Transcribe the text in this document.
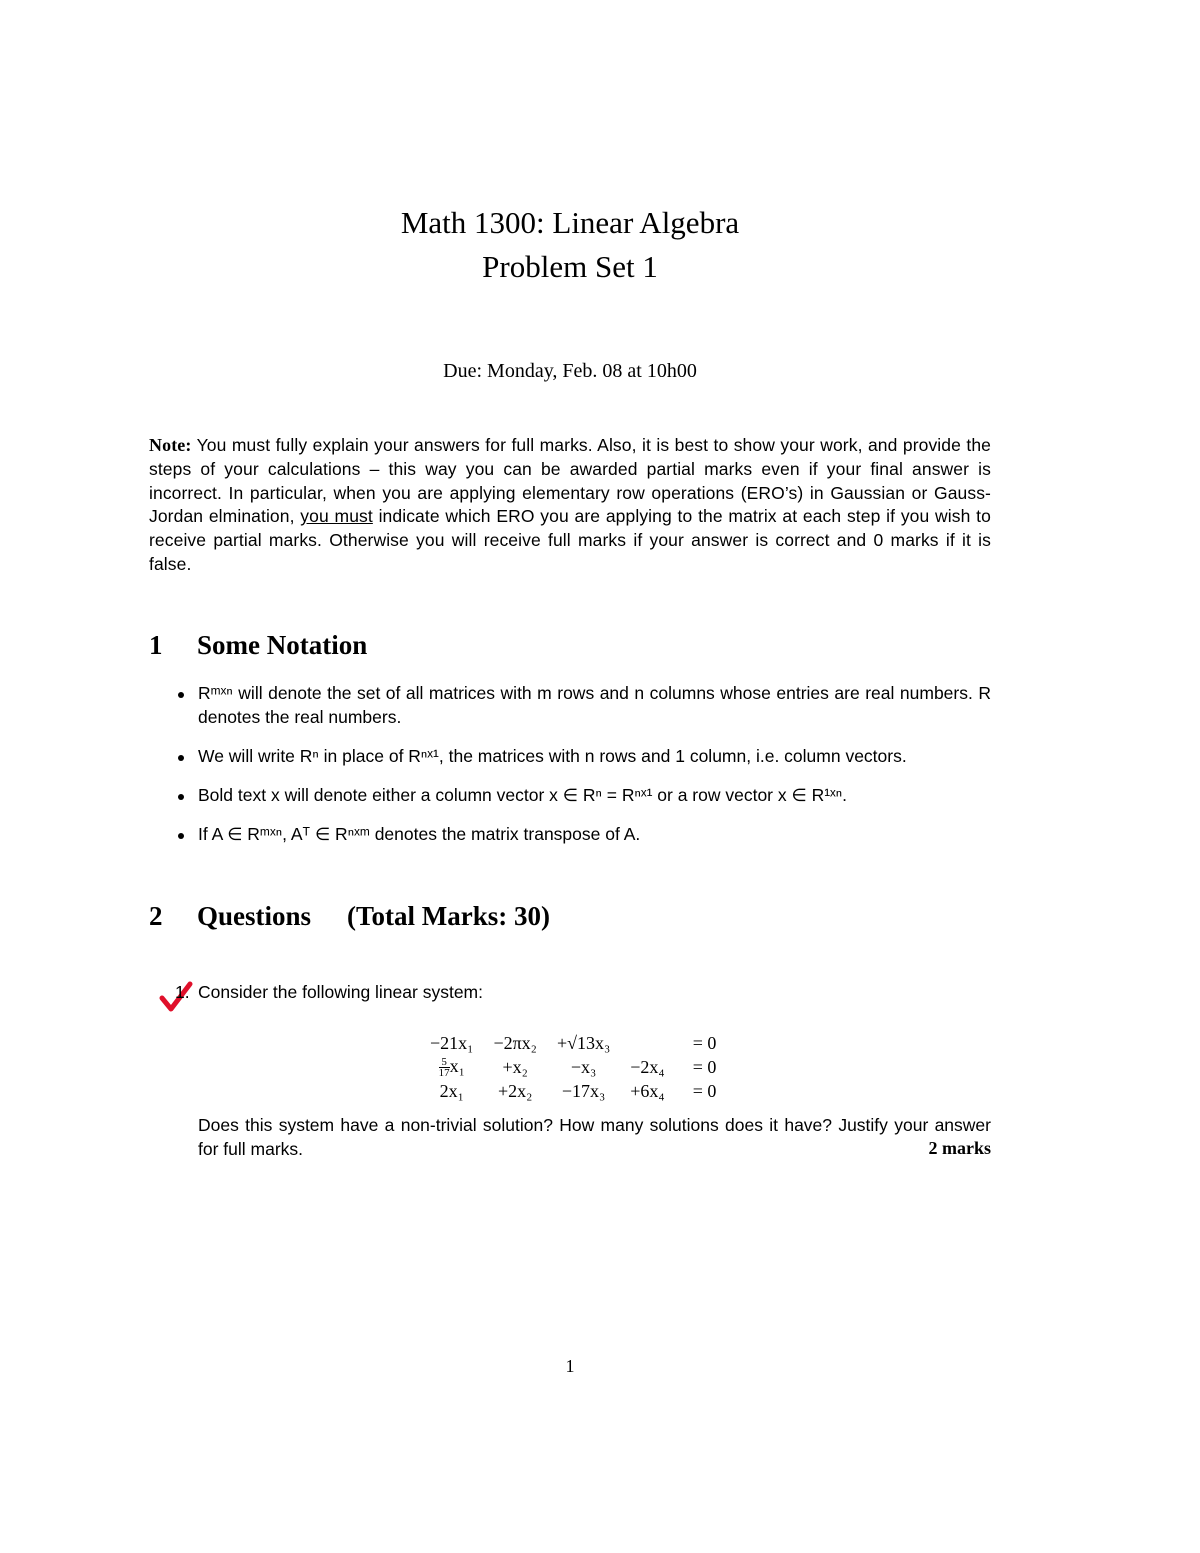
Math 1300: Linear Algebra
Problem Set 1
Due: Monday, Feb. 08 at 10h00
Note: You must fully explain your answers for full marks. Also, it is best to show your work, and provide the steps of your calculations – this way you can be awarded partial marks even if your final answer is incorrect. In particular, when you are applying elementary row operations (ERO’s) in Gaussian or Gauss-Jordan elmination, you must indicate which ERO you are applying to the matrix at each step if you wish to receive partial marks. Otherwise you will receive full marks if your answer is correct and 0 marks if it is false.
1 Some Notation
Rᵐˣⁿ will denote the set of all matrices with m rows and n columns whose entries are real numbers. R denotes the real numbers.
We will write Rⁿ in place of Rⁿˣ¹, the matrices with n rows and 1 column, i.e. column vectors.
Bold text x will denote either a column vector x ∈ Rⁿ = Rⁿˣ¹ or a row vector x ∈ R¹ˣⁿ.
If A ∈ Rᵐˣⁿ, Aᵀ ∈ Rⁿˣᵐ denotes the matrix transpose of A.
2 Questions (Total Marks: 30)
1. Consider the following linear system:
−21x₁	−2πx₂	+√13x₃		= 0

$\frac{5}{17} x_1$	+x₂	−x₃	−2x₄	= 0
2x₁	+2x₂	−17x₃	+6x₄	= 0
Does this system have a non-trivial solution? How many solutions does it have? Justify your answer for full marks.	2 marks
1
